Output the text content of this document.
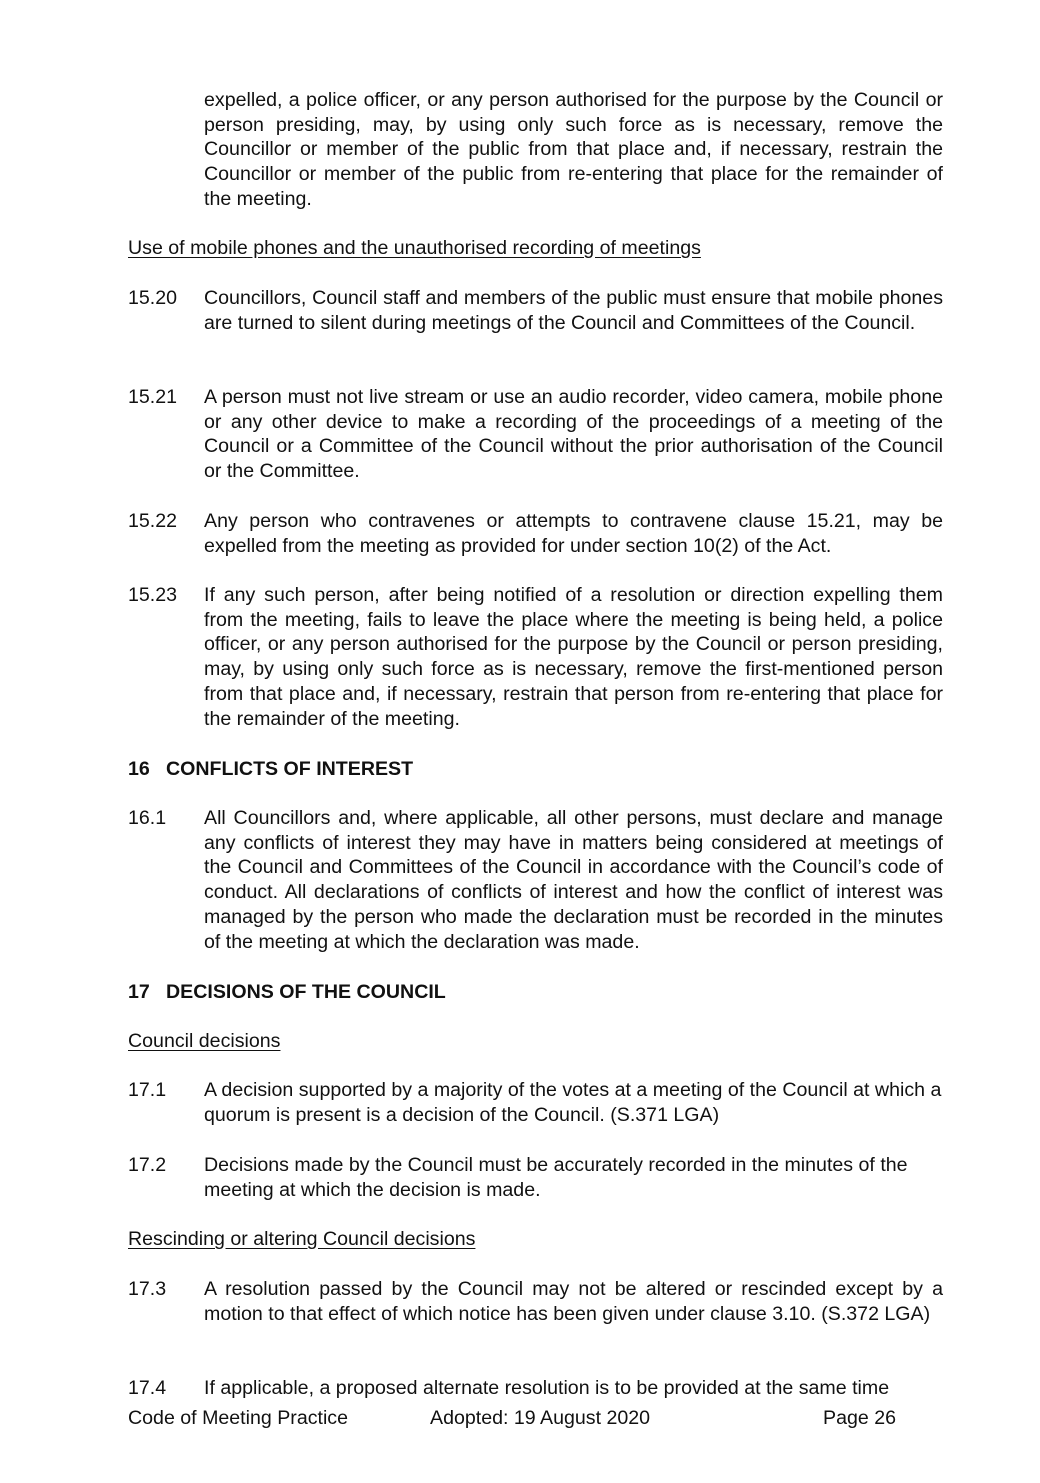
expelled, a police officer, or any person authorised for the purpose by the Council or person presiding, may, by using only such force as is necessary, remove the Councillor or member of the public from that place and, if necessary, restrain the Councillor or member of the public from re-entering that place for the remainder of the meeting.
Use of mobile phones and the unauthorised recording of meetings
15.20	Councillors, Council staff and members of the public must ensure that mobile phones are turned to silent during meetings of the Council and Committees of the Council.
15.21	A person must not live stream or use an audio recorder, video camera, mobile phone or any other device to make a recording of the proceedings of a meeting of the Council or a Committee of the Council without the prior authorisation of the Council or the Committee.
15.22	Any person who contravenes or attempts to contravene clause 15.21, may be expelled from the meeting as provided for under section 10(2) of the Act.
15.23	If any such person, after being notified of a resolution or direction expelling them from the meeting, fails to leave the place where the meeting is being held, a police officer, or any person authorised for the purpose by the Council or person presiding, may, by using only such force as is necessary, remove the first-mentioned person from that place and, if necessary, restrain that person from re-entering that place for the remainder of the meeting.
16 CONFLICTS OF INTEREST
16.1	All Councillors and, where applicable, all other persons, must declare and manage any conflicts of interest they may have in matters being considered at meetings of the Council and Committees of the Council in accordance with the Council’s code of conduct. All declarations of conflicts of interest and how the conflict of interest was managed by the person who made the declaration must be recorded in the minutes of the meeting at which the declaration was made.
17 DECISIONS OF THE COUNCIL
Council decisions
17.1	A decision supported by a majority of the votes at a meeting of the Council at which a quorum is present is a decision of the Council. (S.371 LGA)
17.2	Decisions made by the Council must be accurately recorded in the minutes of the meeting at which the decision is made.
Rescinding or altering Council decisions
17.3	A resolution passed by the Council may not be altered or rescinded except by a motion to that effect of which notice has been given under clause 3.10. (S.372 LGA)
17.4	If applicable, a proposed alternate resolution is to be provided at the same time
Code of Meeting Practice	Adopted: 19 August 2020	Page 26
